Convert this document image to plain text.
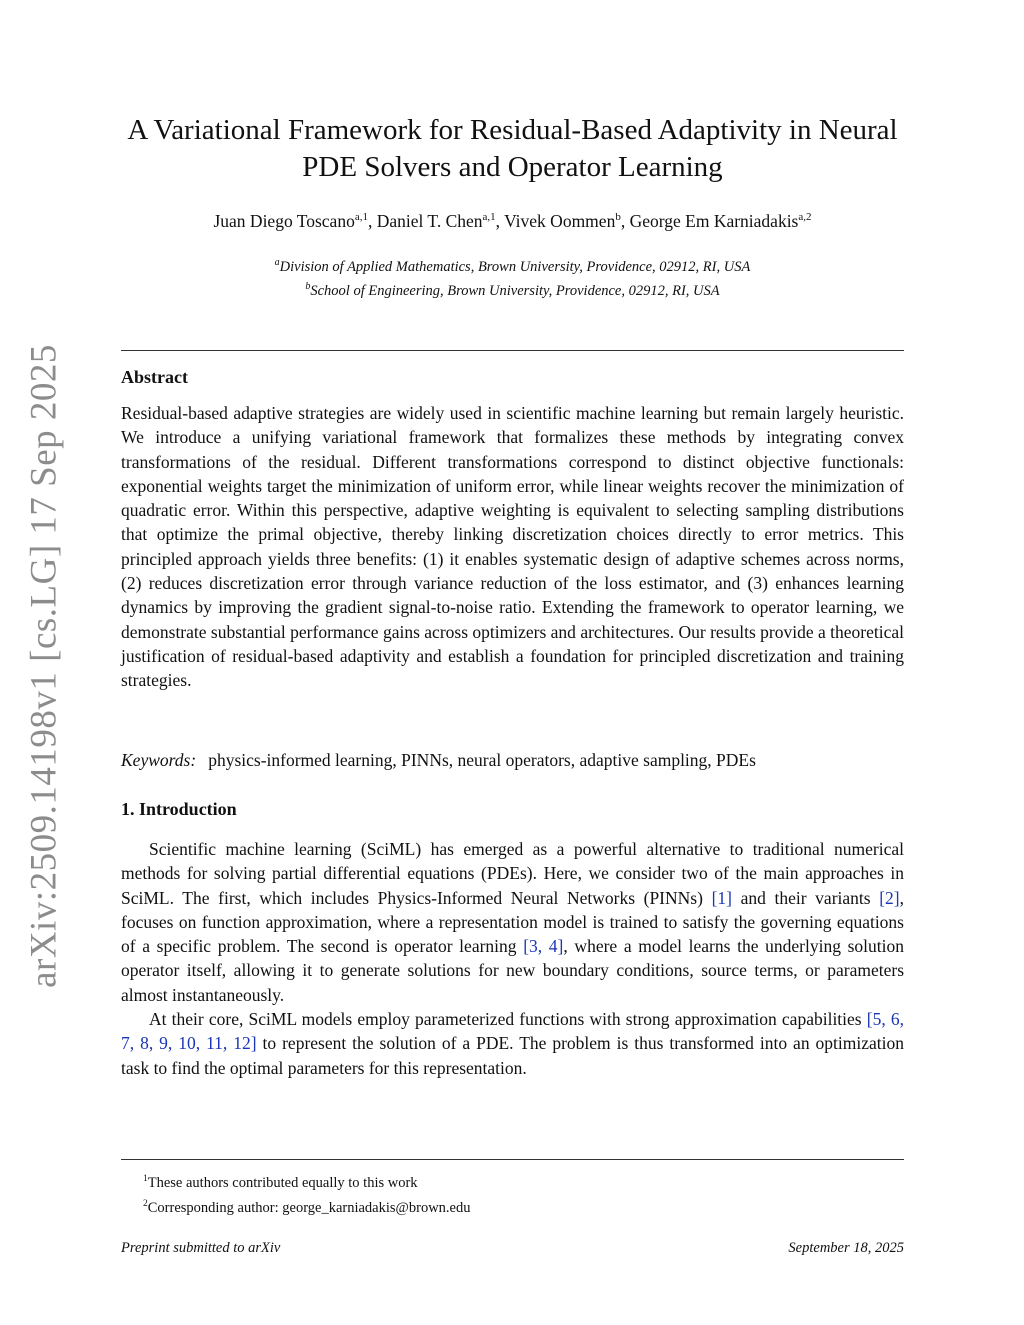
arXiv:2509.14198v1 [cs.LG] 17 Sep 2025
A Variational Framework for Residual-Based Adaptivity in Neural
PDE Solvers and Operator Learning
Juan Diego Toscano$^{a,1}$, Daniel T. Chen$^{a,1}$, Vivek Oommen$^b$, George Em Karniadakis$^{a,2}$
$^a$Division of Applied Mathematics, Brown University, Providence, 02912, RI, USA
$^b$School of Engineering, Brown University, Providence, 02912, RI, USA
Abstract
Residual-based adaptive strategies are widely used in scientific machine learning but remain largely heuristic. We introduce a unifying variational framework that formalizes these methods by integrating convex transformations of the residual. Different transformations correspond to distinct objective functionals: exponential weights target the minimization of uniform error, while linear weights recover the minimization of quadratic error. Within this perspective, adaptive weighting is equivalent to selecting sampling distributions that optimize the primal objective, thereby linking discretization choices directly to error metrics. This principled approach yields three benefits: (1) it enables systematic design of adaptive schemes across norms, (2) reduces discretization error through variance reduction of the loss estimator, and (3) enhances learning dynamics by improving the gradient signal-to-noise ratio. Extending the framework to operator learning, we demonstrate substantial performance gains across optimizers and architectures. Our results provide a theoretical justification of residual-based adaptivity and establish a foundation for principled discretization and training strategies.
Keywords: physics-informed learning, PINNs, neural operators, adaptive sampling, PDEs
1. Introduction

Scientific machine learning (SciML) has emerged as a powerful alternative to traditional numerical methods for solving partial differential equations (PDEs). Here, we consider two of the main approaches in SciML. The first, which includes Physics-Informed Neural Networks (PINNs) [1] and their variants [2], focuses on function approximation, where a representation model is trained to satisfy the governing equations of a specific problem. The second is operator learning [3, 4], where a model learns the underlying solution operator itself, allowing it to generate solutions for new boundary conditions, source terms, or parameters almost instantaneously.

At their core, SciML models employ parameterized functions with strong approximation capabilities [5, 6, 7, 8, 9, 10, 11, 12] to represent the solution of a PDE. The problem is thus transformed into an optimization task to find the optimal parameters for this representation.

$^1$These authors contributed equally to this work
$^2$Corresponding author: george_karniadakis@brown.edu
Preprint submitted to arXiv	September 18, 2025
